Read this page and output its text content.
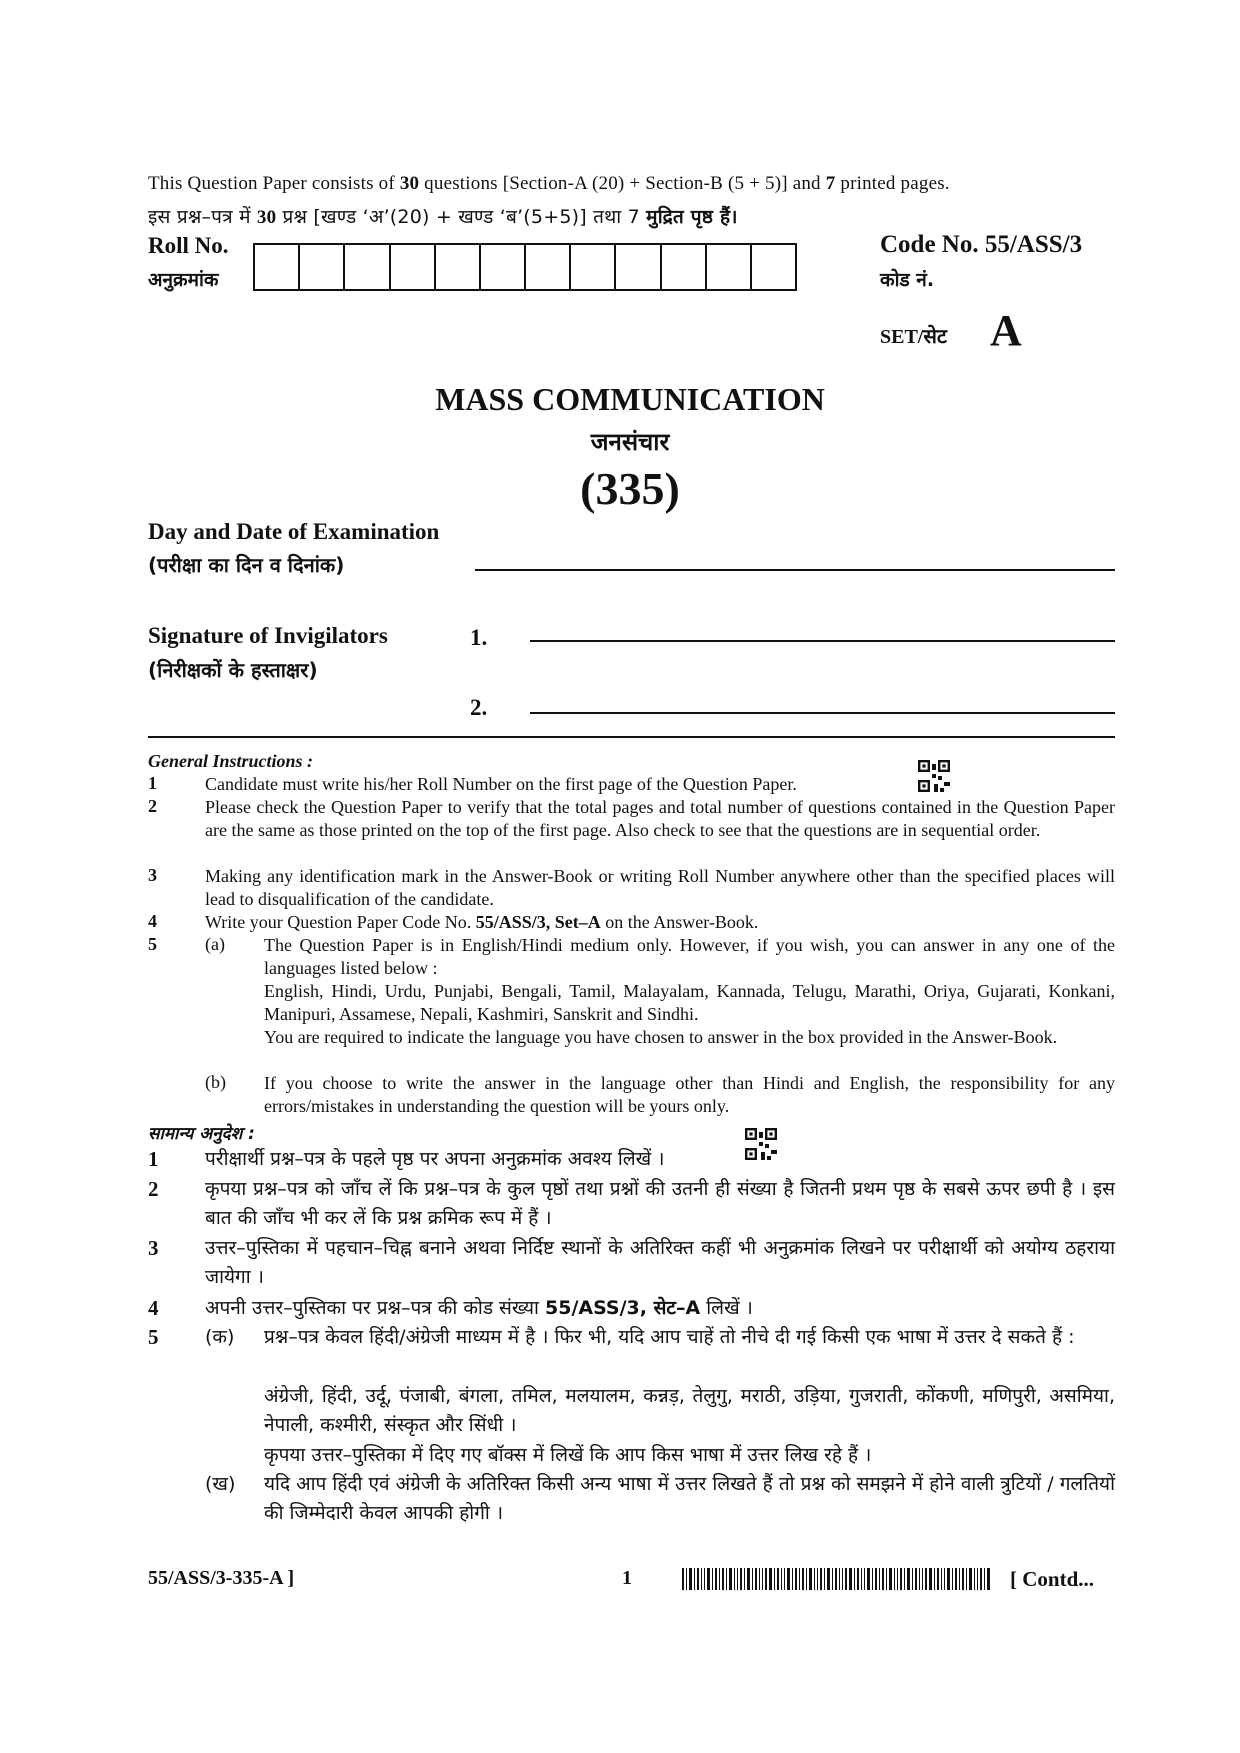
This Question Paper consists of 30 questions [Section-A (20) + Section-B (5 + 5)] and 7 printed pages.
इस प्रश्न–पत्र में 30 प्रश्न [खण्ड ‘अ’(20) + खण्ड ‘ब’(5+5)] तथा 7 मुद्रित पृष्ठ हैं।
Roll No.
अनुक्रमांक
Code No. 55/ASS/3
कोड नं.
SET/सेट A
MASS COMMUNICATION
जनसंचार
(335)
Day and Date of Examination
(परीक्षा का दिन व दिनांक)
Signature of Invigilators
(निरीक्षकों के हस्ताक्षर)
1.
2.
General Instructions :
1	Candidate must write his/her Roll Number on the first page of the Question Paper.
2	Please check the Question Paper to verify that the total pages and total number of questions contained in the Question Paper are the same as those printed on the top of the first page. Also check to see that the questions are in sequential order.
3	Making any identification mark in the Answer-Book or writing Roll Number anywhere other than the specified places will lead to disqualification of the candidate.
4	Write your Question Paper Code No. 55/ASS/3, Set–A on the Answer-Book.
5	(a) The Question Paper is in English/Hindi medium only. However, if you wish, you can answer in any one of the languages listed below :
English, Hindi, Urdu, Punjabi, Bengali, Tamil, Malayalam, Kannada, Telugu, Marathi, Oriya, Gujarati, Konkani, Manipuri, Assamese, Nepali, Kashmiri, Sanskrit and Sindhi.
You are required to indicate the language you have chosen to answer in the box provided in the Answer-Book.
(b) If you choose to write the answer in the language other than Hindi and English, the responsibility for any errors/mistakes in understanding the question will be yours only.
सामान्य अनुदेश :
1 परीक्षार्थी प्रश्न–पत्र के पहले पृष्ठ पर अपना अनुक्रमांक अवश्य लिखें ।
2 कृपया प्रश्न–पत्र को जाँच लें कि प्रश्न–पत्र के कुल पृष्ठों तथा प्रश्नों की उतनी ही संख्या है जितनी प्रथम पृष्ठ के सबसे ऊपर छपी है । इस बात की जाँच भी कर लें कि प्रश्न क्रमिक रूप में हैं ।
3 उत्तर–पुस्तिका में पहचान–चिह्न बनाने अथवा निर्दिष्ट स्थानों के अतिरिक्त कहीं भी अनुक्रमांक लिखने पर परीक्षार्थी को अयोग्य ठहराया जायेगा ।
4 अपनी उत्तर–पुस्तिका पर प्रश्न–पत्र की कोड संख्या 55/ASS/3, सेट–A लिखें ।
5 (क) प्रश्न–पत्र केवल हिंदी/अंग्रेजी माध्यम में है । फिर भी, यदि आप चाहें तो नीचे दी गई किसी एक भाषा में उत्तर दे सकते हैं :
अंग्रेजी, हिंदी, उर्दू, पंजाबी, बंगला, तमिल, मलयालम, कन्नड़, तेलुगु, मराठी, उड़िया, गुजराती, कोंकणी, मणिपुरी, असमिया, नेपाली, कश्मीरी, संस्कृत और सिंधी ।
कृपया उत्तर–पुस्तिका में दिए गए बॉक्स में लिखें कि आप किस भाषा में उत्तर लिख रहे हैं ।
(ख) यदि आप हिंदी एवं अंग्रेजी के अतिरिक्त किसी अन्य भाषा में उत्तर लिखते हैं तो प्रश्न को समझने में होने वाली त्रुटियों / गलतियों की जिम्मेदारी केवल आपकी होगी ।
55/ASS/3-335-A ]	1	[ Contd...
